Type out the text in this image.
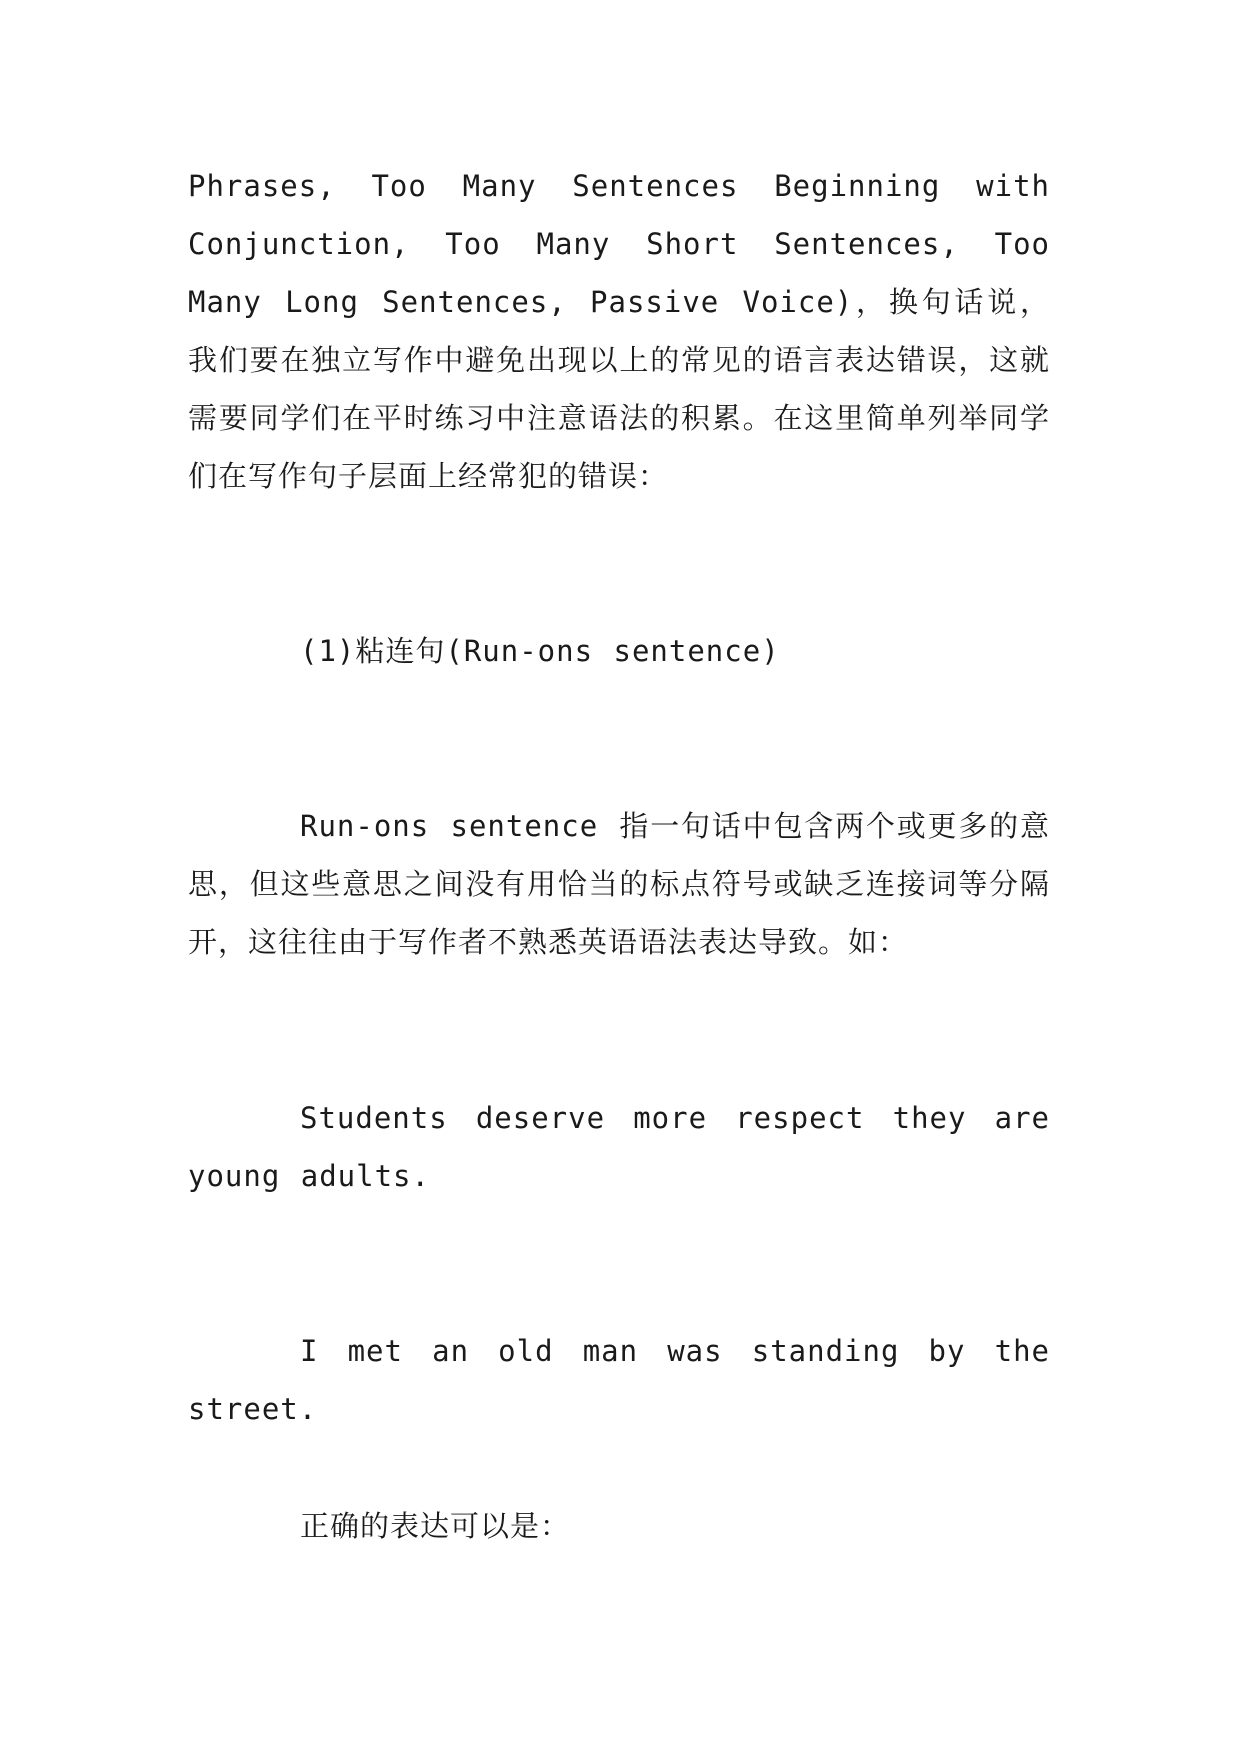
Phrases, Too Many Sentences Beginning with Conjunction, Too Many Short Sentences, Too Many Long Sentences, Passive Voice)，换句话说，我们要在独立写作中避免出现以上的常见的语言表达错误，这就需要同学们在平时练习中注意语法的积累。在这里简单列举同学们在写作句子层面上经常犯的错误：

(1)粘连句(Run-ons sentence)

Run-ons sentence 指一句话中包含两个或更多的意思，但这些意思之间没有用恰当的标点符号或缺乏连接词等分隔开，这往往由于写作者不熟悉英语语法表达导致。如：

Students deserve more respect they are young adults.

I met an old man was standing by the street.

正确的表达可以是：
